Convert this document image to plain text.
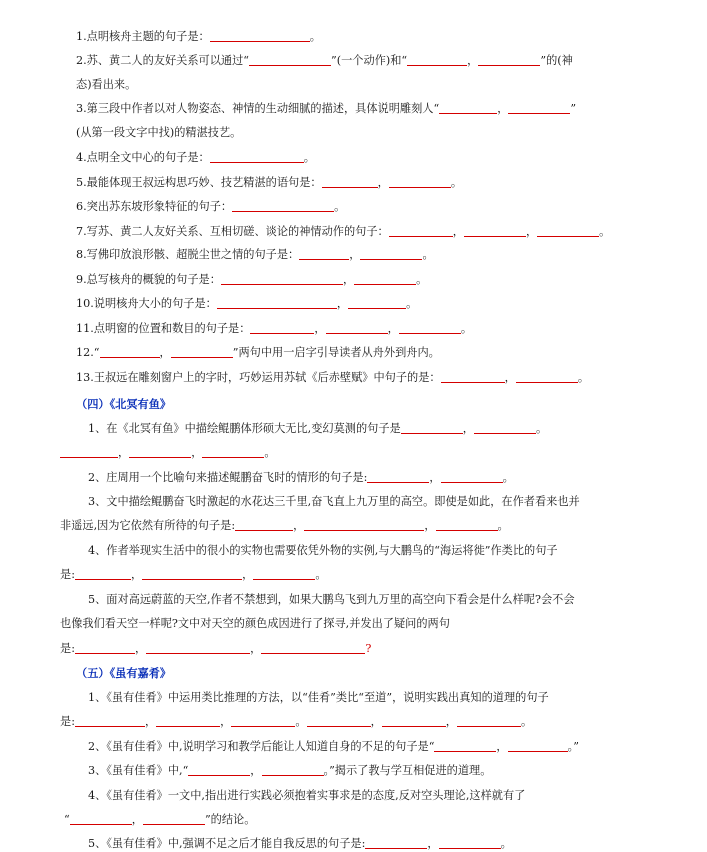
1.点明核舟主题的句子是：	。
2.苏、黄二人的友好关系可以通过“	”(一个动作)和“	，	”的(神
态)看出来。
3.第三段中作者以对人物姿态、神情的生动细腻的描述，具体说明雕刻人“	，	”
(从第一段文字中找)的精湛技艺。
4.点明全文中心的句子是：	。
5.最能体现王叔远构思巧妙、技艺精湛的语句是：	，	。
6.突出苏东坡形象特征的句子：	。
7.写苏、黄二人友好关系、互相切磋、谈论的神情动作的句子：	，	，	。
8.写佛印放浪形骸、超脱尘世之情的句子是：	，	。
9.总写核舟的概貌的句子是：	，	。
10.说明核舟大小的句子是：	，	。
11.点明窗的位置和数目的句子是：	，	，	。
12.“	，	”两句中用一启字引导读者从舟外到舟内。
13.王叔远在雕刻窗户上的字时，巧妙运用苏轼《后赤壁赋》中句子的是：	，	。
（四）《北冥有鱼》
1、在《北冥有鱼》中描绘鲲鹏体形硕大无比,变幻莫测的句子是	，	。
，	，	。
2、庄周用一个比喻句来描述鲲鹏奋飞时的情形的句子是:	，	。
3、文中描绘鲲鹏奋飞时激起的水花达三千里,奋飞直上九万里的高空。即使是如此，在作者看来也并
非遥远,因为它依然有所待的句子是:	，	，	。
4、作者举现实生活中的很小的实物也需要依凭外物的实例,与大鹏鸟的“海运将徙”作类比的句子
是:	，	，	。
5、面对高远蔚蓝的天空,作者不禁想到，如果大鹏鸟飞到九万里的高空向下看会是什么样呢?会不会
也像我们看天空一样呢?文中对天空的颜色成因进行了探寻,并发出了疑问的两句
是:	，	，	?
（五）《虽有嘉肴》
1、《虽有佳肴》中运用类比推理的方法，以“佳肴”类比“至道”，说明实践出真知的道理的句子
是:	，	，	。	，	，	。
2、《虽有佳肴》中,说明学习和教学后能让人知道自身的不足的句子是“	，	。”
3、《虽有佳肴》中,“	，	。”揭示了教与学互相促进的道理。
4、《虽有佳肴》一文中,指出进行实践必须抱着实事求是的态度,反对空头理论,这样就有了
“	，	”的结论。
5、《虽有佳肴》中,强调不足之后才能自我反思的句子是:	，	。
